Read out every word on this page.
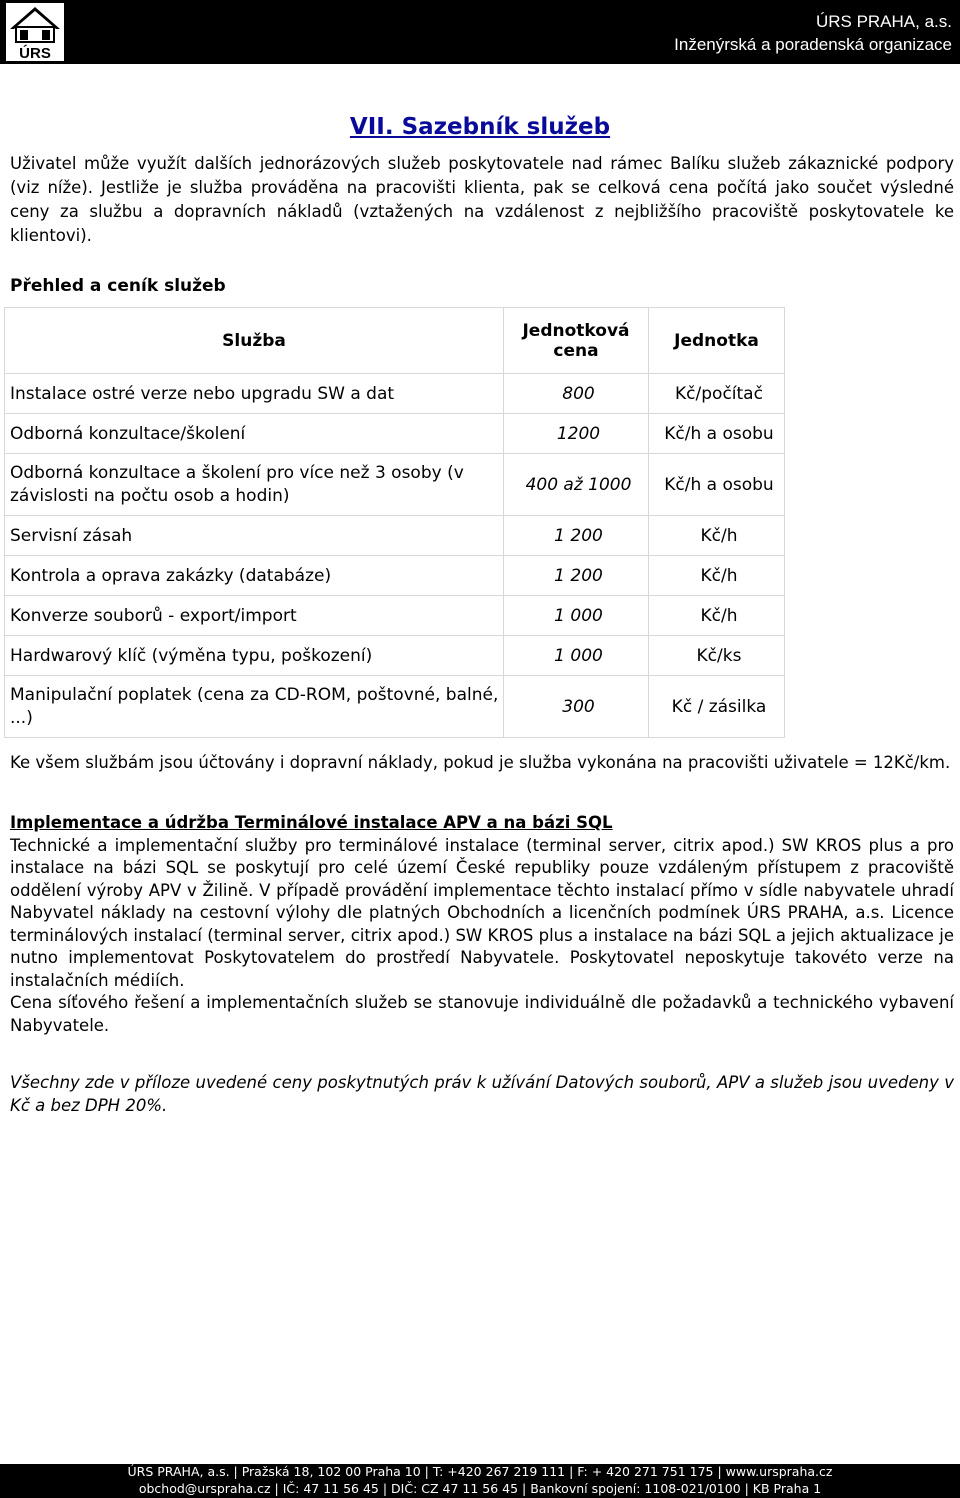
ÚRS
ÚRS PRAHA, a.s.
Inženýrská a poradenská organizace
VII. Sazebník služeb
Uživatel může využít dalších jednorázových služeb poskytovatele nad rámec Balíku služeb zákaznické podpory (viz níže). Jestliže je služba prováděna na pracovišti klienta, pak se celková cena počítá jako součet výsledné ceny za službu a dopravních nákladů (vztažených na vzdálenost z nejbližšího pracoviště poskytovatele ke klientovi).
Přehled a ceník služeb
Služba	Jednotková cena	Jednotka
Instalace ostré verze nebo upgradu SW a dat	800	Kč/počítač
Odborná konzultace/školení	1200	Kč/h a osobu
Odborná konzultace a školení pro více než 3 osoby (v závislosti na počtu osob a hodin)	400 až 1000	Kč/h a osobu
Servisní zásah	1 200	Kč/h
Kontrola a oprava zakázky (databáze)	1 200	Kč/h
Konverze souborů - export/import	1 000	Kč/h
Hardwarový klíč (výměna typu, poškození)	1 000	Kč/ks
Manipulační poplatek (cena za CD-ROM, poštovné, balné, ...)	300	Kč / zásilka
Ke všem službám jsou účtovány i dopravní náklady, pokud je služba vykonána na pracovišti uživatele = 12Kč/km.
Implementace a údržba Terminálové instalace APV a na bázi SQL
Technické a implementační služby pro terminálové instalace (terminal server, citrix apod.) SW KROS plus a pro instalace na bázi SQL se poskytují pro celé území České republiky pouze vzdáleným přístupem z pracoviště oddělení výroby APV v Žilině. V případě provádění implementace těchto instalací přímo v sídle nabyvatele uhradí Nabyvatel náklady na cestovní výlohy dle platných Obchodních a licenčních podmínek ÚRS PRAHA, a.s. Licence terminálových instalací (terminal server, citrix apod.) SW KROS plus a instalace na bázi SQL a jejich aktualizace je nutno implementovat Poskytovatelem do prostředí Nabyvatele. Poskytovatel neposkytuje takovéto verze na instalačních médiích.
Cena síťového řešení a implementačních služeb se stanovuje individuálně dle požadavků a technického vybavení Nabyvatele.
Všechny zde v příloze uvedené ceny poskytnutých práv k užívání Datových souborů, APV a služeb jsou uvedeny v Kč a bez DPH 20%.
ÚRS PRAHA, a.s. | Pražská 18, 102 00 Praha 10 | T: +420 267 219 111 | F: + 420 271 751 175 | www.urspraha.cz
obchod@urspraha.cz | IČ: 47 11 56 45 | DIČ: CZ 47 11 56 45 | Bankovní spojení: 1108-021/0100 | KB Praha 1
